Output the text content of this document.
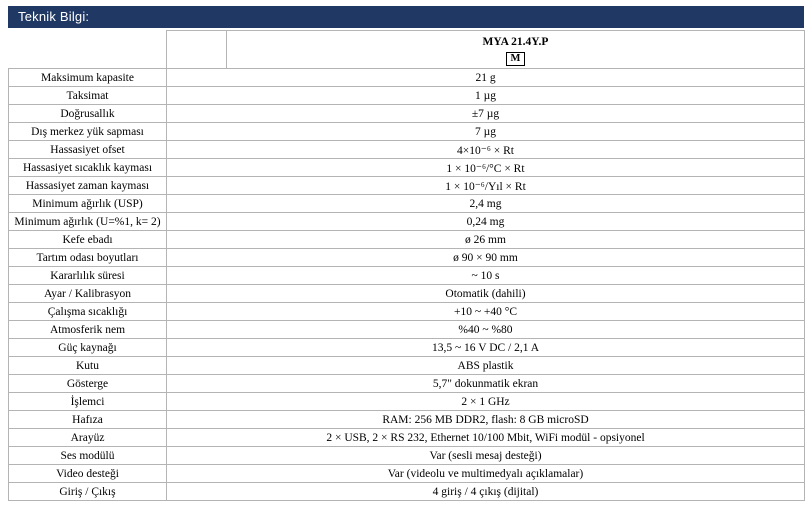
Teknik Bilgi:

		MYA 21.4Y.P
M
Maksimum kapasite	21 g	
Taksimat	1 µg	
Doğrusallık	±7 µg	
Dış merkez yük sapması	7 µg	
Hassasiyet ofset	4×10⁻⁶ × Rt	
Hassasiyet sıcaklık kayması	1 × 10⁻⁶/°C × Rt	
Hassasiyet zaman kayması	1 × 10⁻⁶/Yıl × Rt	
Minimum ağırlık (USP)	2,4 mg	
Minimum ağırlık (U=%1, k= 2)	0,24 mg	
Kefe ebadı	ø 26 mm	
Tartım odası boyutları	ø 90 × 90 mm	
Kararlılık süresi	~ 10 s	
Ayar / Kalibrasyon	Otomatik (dahili)	
Çalışma sıcaklığı	+10 ~ +40 °C	
Atmosferik nem	%40 ~ %80	
Güç kaynağı	13,5 ~ 16 V DC / 2,1 A	
Kutu	ABS plastik	
Gösterge	5,7" dokunmatik ekran	
İşlemci	2 × 1 GHz	
Hafıza	RAM: 256 MB DDR2, flash: 8 GB microSD	
Arayüz	2 × USB, 2 × RS 232, Ethernet 10/100 Mbit, WiFi modül - opsiyonel	
Ses modülü	Var (sesli mesaj desteği)	
Video desteği	Var (videolu ve multimedyalı açıklamalar)	
Giriş / Çıkış	4 giriş / 4 çıkış (dijital)	
